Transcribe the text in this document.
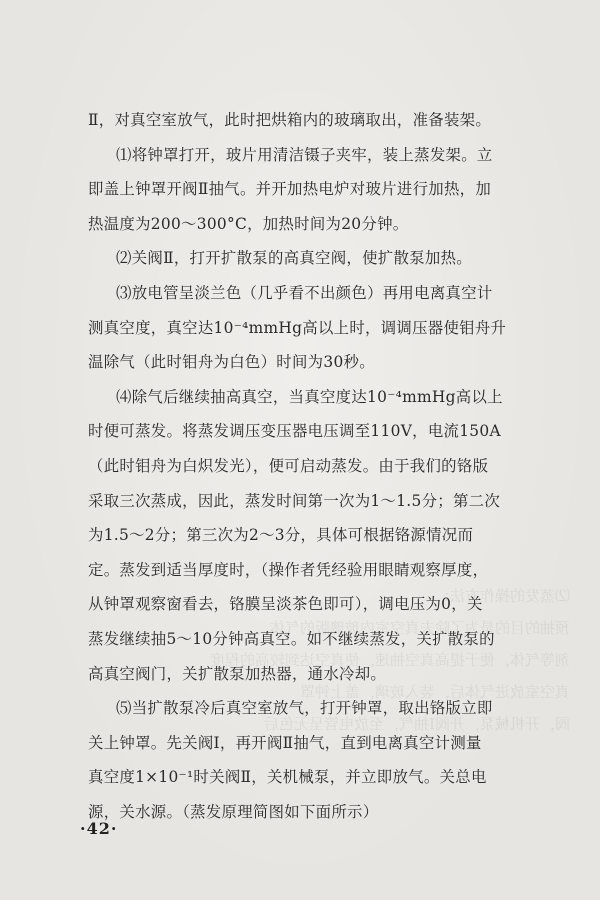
⑵蒸发的操作方法：
预抽的目的是为了除去真空室内玻璃版的气体
剂等气体，便于提高真空抽速，使真空达到较高的程度
真空室放进气体后，装入玻璃，盖上钟罩
阀，开机械泵，开阀Ⅰ抽气，至放电管呈无色后
Ⅱ，对真空室放气，此时把烘箱内的玻璃取出，准备装架。
⑴将钟罩打开，玻片用清洁镊子夹牢，装上蒸发架。立
即盖上钟罩开阀Ⅱ抽气。并开加热电炉对玻片进行加热，加
热温度为200～300°C，加热时间为20分钟。
⑵关阀Ⅱ，打开扩散泵的高真空阀，使扩散泵加热。
⑶放电管呈淡兰色（几乎看不出颜色）再用电离真空计
测真空度，真空达10⁻⁴mmHg高以上时，调调压器使钼舟升
温除气（此时钼舟为白色）时间为30秒。
⑷除气后继续抽高真空，当真空度达10⁻⁴mmHg高以上
时便可蒸发。将蒸发调压变压器电压调至110V，电流150A
（此时钼舟为白炽发光），便可启动蒸发。由于我们的铬版
采取三次蒸成，因此，蒸发时间第一次为1～1.5分；第二次
为1.5～2分；第三次为2～3分，具体可根据铬源情况而
定。蒸发到适当厚度时，（操作者凭经验用眼睛观察厚度，
从钟罩观察窗看去，铬膜呈淡茶色即可），调电压为0，关
蒸发继续抽5～10分钟高真空。如不继续蒸发，关扩散泵的
高真空阀门，关扩散泵加热器，通水冷却。
⑸当扩散泵冷后真空室放气，打开钟罩，取出铬版立即
关上钟罩。先关阀Ⅰ，再开阀Ⅱ抽气，直到电离真空计测量
真空度1×10⁻¹时关阀Ⅱ，关机械泵，并立即放气。关总电
源，关水源。（蒸发原理简图如下面所示）
·42·
